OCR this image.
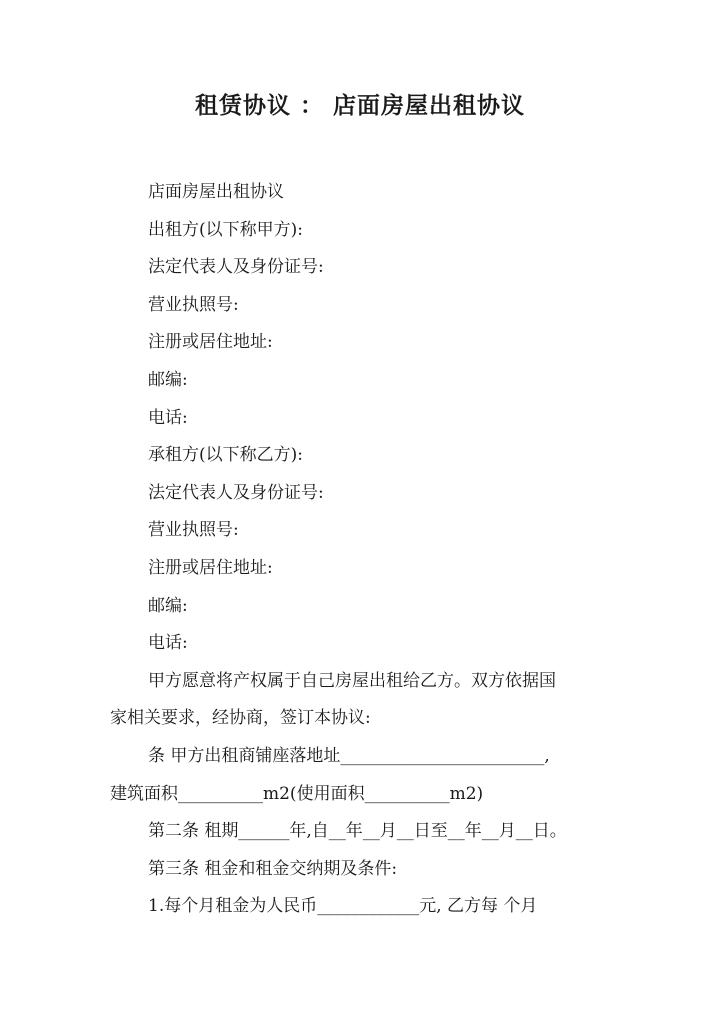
租赁协议 ： 店面房屋出租协议

店面房屋出租协议

出租方(以下称甲方):

法定代表人及身份证号:

营业执照号:

注册或居住地址:

邮编:

电话:

承租方(以下称乙方):

法定代表人及身份证号:

营业执照号:

注册或居住地址:

邮编:

电话:

甲方愿意将产权属于自己房屋出租给乙方。双方依据国

家相关要求，经协商，签订本协议:

条 甲方出租商铺座落地址________________________,

建筑面积__________m2(使用面积__________m2)

第二条 租期______年,自__年__月__日至__年__月__日。

第三条 租金和租金交纳期及条件:

1.每个月租金为人民币____________元, 乙方每 个月
